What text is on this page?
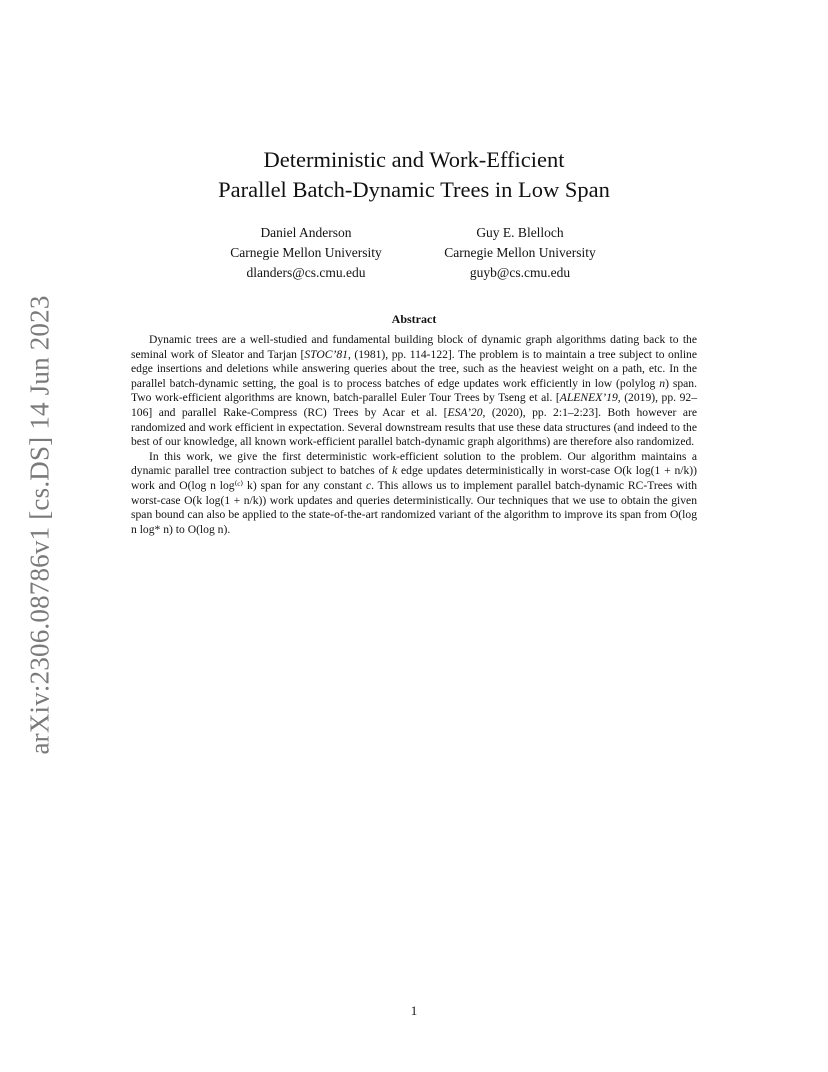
arXiv:2306.08786v1 [cs.DS] 14 Jun 2023
Deterministic and Work-Efficient
Parallel Batch-Dynamic Trees in Low Span
Daniel Anderson
Carnegie Mellon University
dlanders@cs.cmu.edu
Guy E. Blelloch
Carnegie Mellon University
guyb@cs.cmu.edu
Abstract

Dynamic trees are a well-studied and fundamental building block of dynamic graph algorithms dating back to the seminal work of Sleator and Tarjan [STOC’81, (1981), pp. 114-122]. The problem is to maintain a tree subject to online edge insertions and deletions while answering queries about the tree, such as the heaviest weight on a path, etc. In the parallel batch-dynamic setting, the goal is to process batches of edge updates work efficiently in low (polylog n) span. Two work-efficient algorithms are known, batch-parallel Euler Tour Trees by Tseng et al. [ALENEX’19, (2019), pp. 92–106] and parallel Rake-Compress (RC) Trees by Acar et al. [ESA’20, (2020), pp. 2:1–2:23]. Both however are randomized and work efficient in expectation. Several downstream results that use these data structures (and indeed to the best of our knowledge, all known work-efficient parallel batch-dynamic graph algorithms) are therefore also randomized.

In this work, we give the first deterministic work-efficient solution to the problem. Our algorithm maintains a dynamic parallel tree contraction subject to batches of k edge updates deterministically in worst-case O(k log(1 + n/k)) work and O(log n log⁽ᶜ⁾ k) span for any constant c. This allows us to implement parallel batch-dynamic RC-Trees with worst-case O(k log(1 + n/k)) work updates and queries deterministically. Our techniques that we use to obtain the given span bound can also be applied to the state-of-the-art randomized variant of the algorithm to improve its span from O(log n log* n) to O(log n).

1
